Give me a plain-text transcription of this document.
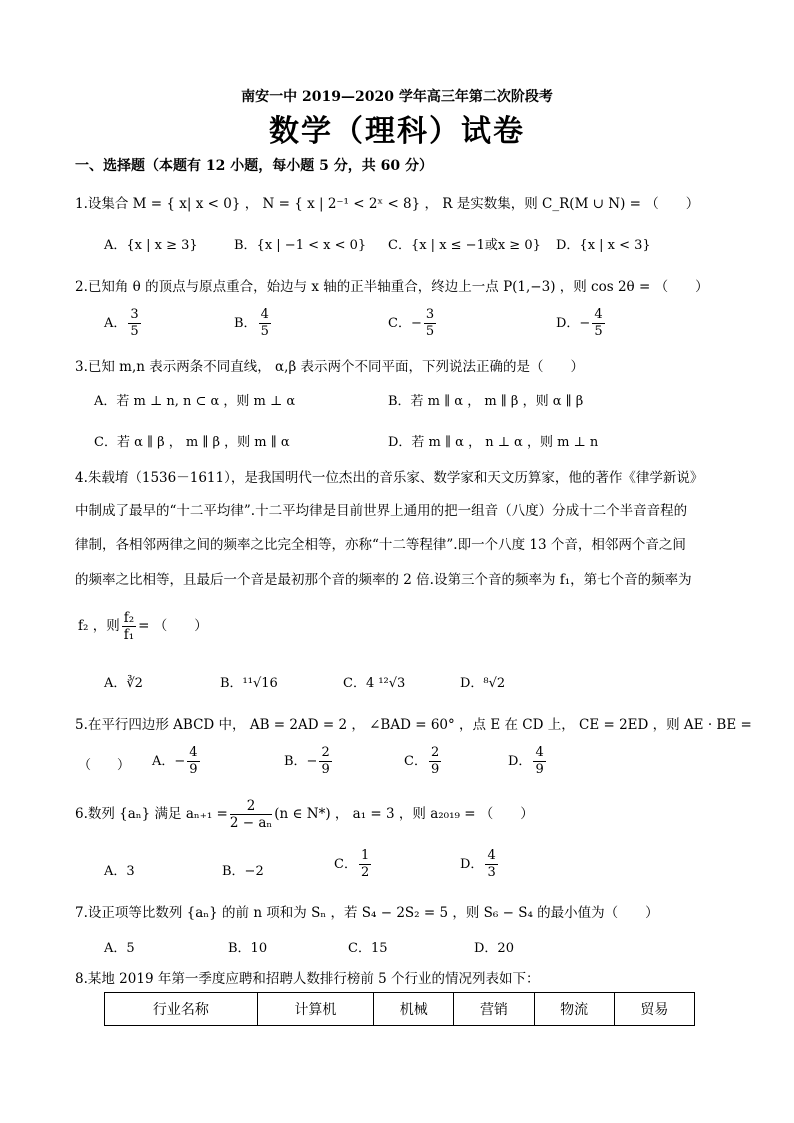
南安一中 2019—2020 学年高三年第二次阶段考
数学（理科）试卷
一、选择题（本题有 12 小题，每小题 5 分，共 60 分）
1.设集合 M = { x| x < 0} ， N = { x | 2⁻¹ < 2ˣ < 8} ， R 是实数集，则 C_R(M ∪ N) = （　　）
A．{x | x ≥ 3}	B．{x | −1 < x < 0} C．{x | x ≤ −1或x ≥ 0} D．{x | x < 3}
2.已知角 θ 的顶点与原点重合，始边与 x 轴的正半轴重合，终边上一点 P(1,−3) ，则 cos 2θ = （　　）
A． $\frac{3}{5}$	B． $\frac{4}{5}$	C．− $\frac{3}{5}$	D．− $\frac{4}{5}$
3.已知 m,n 表示两条不同直线， α,β 表示两个不同平面，下列说法正确的是（　　）
A．若 m ⊥ n, n ⊂ α ，则 m ⊥ α	B．若 m ∥ α ， m ∥ β ，则 α ∥ β
C．若 α ∥ β ， m ∥ β ，则 m ∥ α	D．若 m ∥ α ， n ⊥ α ，则 m ⊥ n
4.朱载堉（1536－1611），是我国明代一位杰出的音乐家、数学家和天文历算家，他的著作《律学新说》
中制成了最早的“十二平均律”.十二平均律是目前世界上通用的把一组音（八度）分成十二个半音音程的
律制，各相邻两律之间的频率之比完全相等，亦称“十二等程律”.即一个八度 13 个音，相邻两个音之间
的频率之比相等，且最后一个音是最初那个音的频率的 2 倍.设第三个音的频率为 f₁，第七个音的频率为
f₂ ，则 $\frac{\text{f₂}}{\text{f₁}}$ = （　　）
A．∛2	B．¹¹√16	C．4 ¹²√3	D．⁸√2
5.在平行四边形 ABCD 中， AB = 2AD = 2 ， ∠BAD = 60° ，点 E 在 CD 上， CE = 2ED ，则 AE · BE =
（　　） A．− $\frac{4}{9}$	B．− $\frac{2}{9}$	C． $\frac{2}{9}$	D． $\frac{4}{9}$
6.数列 {aₙ} 满足 $a_{n+1} = \frac{2}{\text{2 − aₙ}} (n$ ∈ N*) ， a₁ = 3 ，则 a₂₀₁₉ = （　　）
A．3	B．−2	C． $\frac{1}{2}$	D． $\frac{4}{3}$
7.设正项等比数列 {aₙ} 的前 n 项和为 Sₙ ，若 S₄ − 2S₂ = 5 ，则 S₆ − S₄ 的最小值为（　　）
A．5	B．10	C．15	D．20
8.某地 2019 年第一季度应聘和招聘人数排行榜前 5 个行业的情况列表如下：
行业名称	计算机	机械	营销	物流	贸易
